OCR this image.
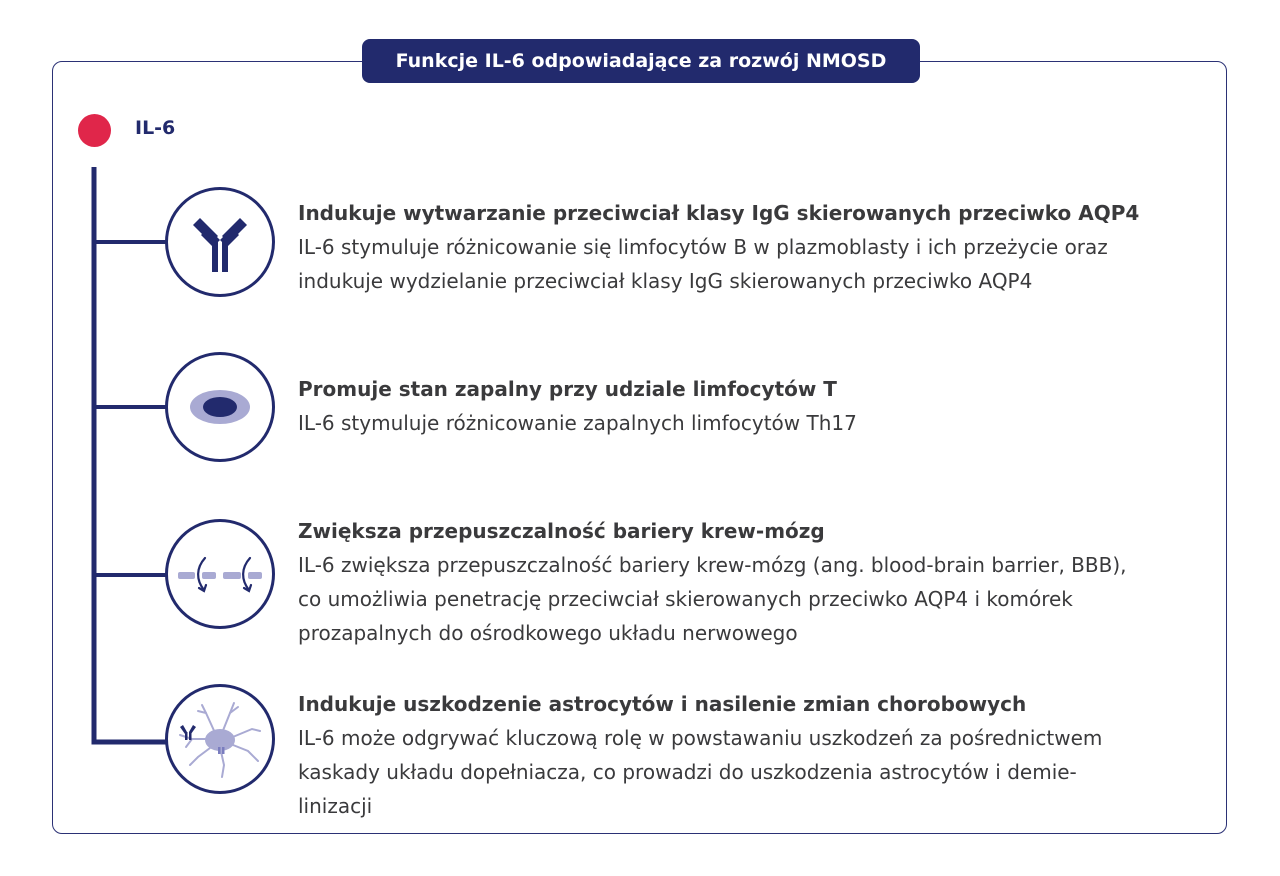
Funkcje IL-6 odpowiadające za rozwój NMOSD
IL-6
Indukuje wytwarzanie przeciwciał klasy IgG skierowanych przeciwko AQP4
IL-6 stymuluje różnicowanie się limfocytów B w plazmoblasty i ich przeżycie oraz
indukuje wydzielanie przeciwciał klasy IgG skierowanych przeciwko AQP4
Promuje stan zapalny przy udziale limfocytów T
IL-6 stymuluje różnicowanie zapalnych limfocytów Th17
Zwiększa przepuszczalność bariery krew-mózg
IL-6 zwiększa przepuszczalność bariery krew-mózg (ang. blood-brain barrier, BBB),
co umożliwia penetrację przeciwciał skierowanych przeciwko AQP4 i komórek
prozapalnych do ośrodkowego układu nerwowego
Indukuje uszkodzenie astrocytów i nasilenie zmian chorobowych
IL-6 może odgrywać kluczową rolę w powstawaniu uszkodzeń za pośrednictwem
kaskady układu dopełniacza, co prowadzi do uszkodzenia astrocytów i demie-
linizacji
